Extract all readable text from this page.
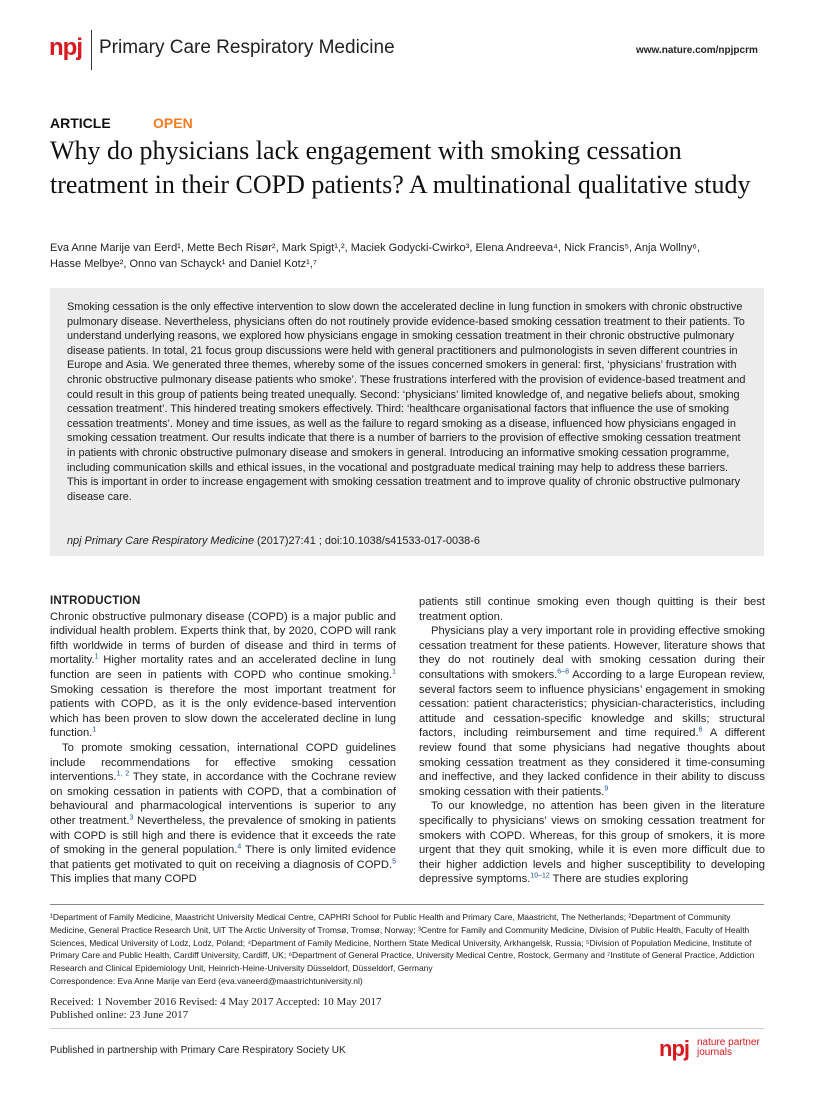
npj Primary Care Respiratory Medicine	www.nature.com/npjpcrm
ARTICLE	OPEN
Why do physicians lack engagement with smoking cessation treatment in their COPD patients? A multinational qualitative study
Eva Anne Marije van Eerd¹, Mette Bech Risør², Mark Spigt¹,², Maciek Godycki-Cwirko³, Elena Andreeva⁴, Nick Francis⁵, Anja Wollny⁶,
Hasse Melbye², Onno van Schayck¹ and Daniel Kotz¹,⁷
Smoking cessation is the only effective intervention to slow down the accelerated decline in lung function in smokers with chronic obstructive pulmonary disease. Nevertheless, physicians often do not routinely provide evidence-based smoking cessation treatment to their patients. To understand underlying reasons, we explored how physicians engage in smoking cessation treatment in their chronic obstructive pulmonary disease patients. In total, 21 focus group discussions were held with general practitioners and pulmonologists in seven different countries in Europe and Asia. We generated three themes, whereby some of the issues concerned smokers in general: first, ‘physicians’ frustration with chronic obstructive pulmonary disease patients who smoke’. These frustrations interfered with the provision of evidence-based treatment and could result in this group of patients being treated unequally. Second: ‘physicians’ limited knowledge of, and negative beliefs about, smoking cessation treatment’. This hindered treating smokers effectively. Third: ‘healthcare organisational factors that influence the use of smoking cessation treatments’. Money and time issues, as well as the failure to regard smoking as a disease, influenced how physicians engaged in smoking cessation treatment. Our results indicate that there is a number of barriers to the provision of effective smoking cessation treatment in patients with chronic obstructive pulmonary disease and smokers in general. Introducing an informative smoking cessation programme, including communication skills and ethical issues, in the vocational and postgraduate medical training may help to address these barriers. This is important in order to increase engagement with smoking cessation treatment and to improve quality of chronic obstructive pulmonary disease care.
npj Primary Care Respiratory Medicine (2017)27:41 ; doi:10.1038/s41533-017-0038-6
INTRODUCTION

Chronic obstructive pulmonary disease (COPD) is a major public and individual health problem. Experts think that, by 2020, COPD will rank fifth worldwide in terms of burden of disease and third in terms of mortality.$^1$ Higher mortality rates and an accelerated decline in lung function are seen in patients with COPD who continue smoking.$^1$ Smoking cessation is therefore the most important treatment for patients with COPD, as it is the only evidence-based intervention which has been proven to slow down the accelerated decline in lung function.$^1$

To promote smoking cessation, international COPD guidelines include recommendations for effective smoking cessation interventions.$^{1, 2}$ They state, in accordance with the Cochrane review on smoking cessation in patients with COPD, that a combination of behavioural and pharmacological interventions is superior to any other treatment.$^3$ Nevertheless, the prevalence of smoking in patients with COPD is still high and there is evidence that it exceeds the rate of smoking in the general population.$^4$ There is only limited evidence that patients get motivated to quit on receiving a diagnosis of COPD.$^5$ This implies that many COPD

patients still continue smoking even though quitting is their best treatment option.

Physicians play a very important role in providing effective smoking cessation treatment for these patients. However, literature shows that they do not routinely deal with smoking cessation during their consultations with smokers.$^{6-8}$ According to a large European review, several factors seem to influence physicians’ engagement in smoking cessation: patient characteristics; physician-characteristics, including attitude and cessation-specific knowledge and skills; structural factors, including reimbursement and time required.$^6$ A different review found that some physicians had negative thoughts about smoking cessation treatment as they considered it time-consuming and ineffective, and they lacked confidence in their ability to discuss smoking cessation with their patients.$^9$

To our knowledge, no attention has been given in the literature specifically to physicians’ views on smoking cessation treatment for smokers with COPD. Whereas, for this group of smokers, it is more urgent that they quit smoking, while it is even more difficult due to their higher addiction levels and higher susceptibility to developing depressive symptoms.$^{10-12}$ There are studies exploring

¹Department of Family Medicine, Maastricht University Medical Centre, CAPHRI School for Public Health and Primary Care, Maastricht, The Netherlands; ²Department of Community Medicine, General Practice Research Unit, UiT The Arctic University of Tromsø, Tromsø, Norway; ³Centre for Family and Community Medicine, Division of Public Health, Faculty of Health Sciences, Medical University of Lodz, Lodz, Poland; ⁴Department of Family Medicine, Northern State Medical University, Arkhangelsk, Russia; ⁵Division of Population Medicine, Institute of Primary Care and Public Health, Cardiff University, Cardiff, UK; ⁶Department of General Practice, University Medical Centre, Rostock, Germany and ⁷Institute of General Practice, Addiction Research and Clinical Epidemiology Unit, Heinrich-Heine-University Düsseldorf, Düsseldorf, Germany
Correspondence: Eva Anne Marije van Eerd (eva.vaneerd@maastrichtuniversity.nl)
Received: 1 November 2016 Revised: 4 May 2017 Accepted: 10 May 2017
Published online: 23 June 2017
Published in partnership with Primary Care Respiratory Society UK	npj nature partner
journals
